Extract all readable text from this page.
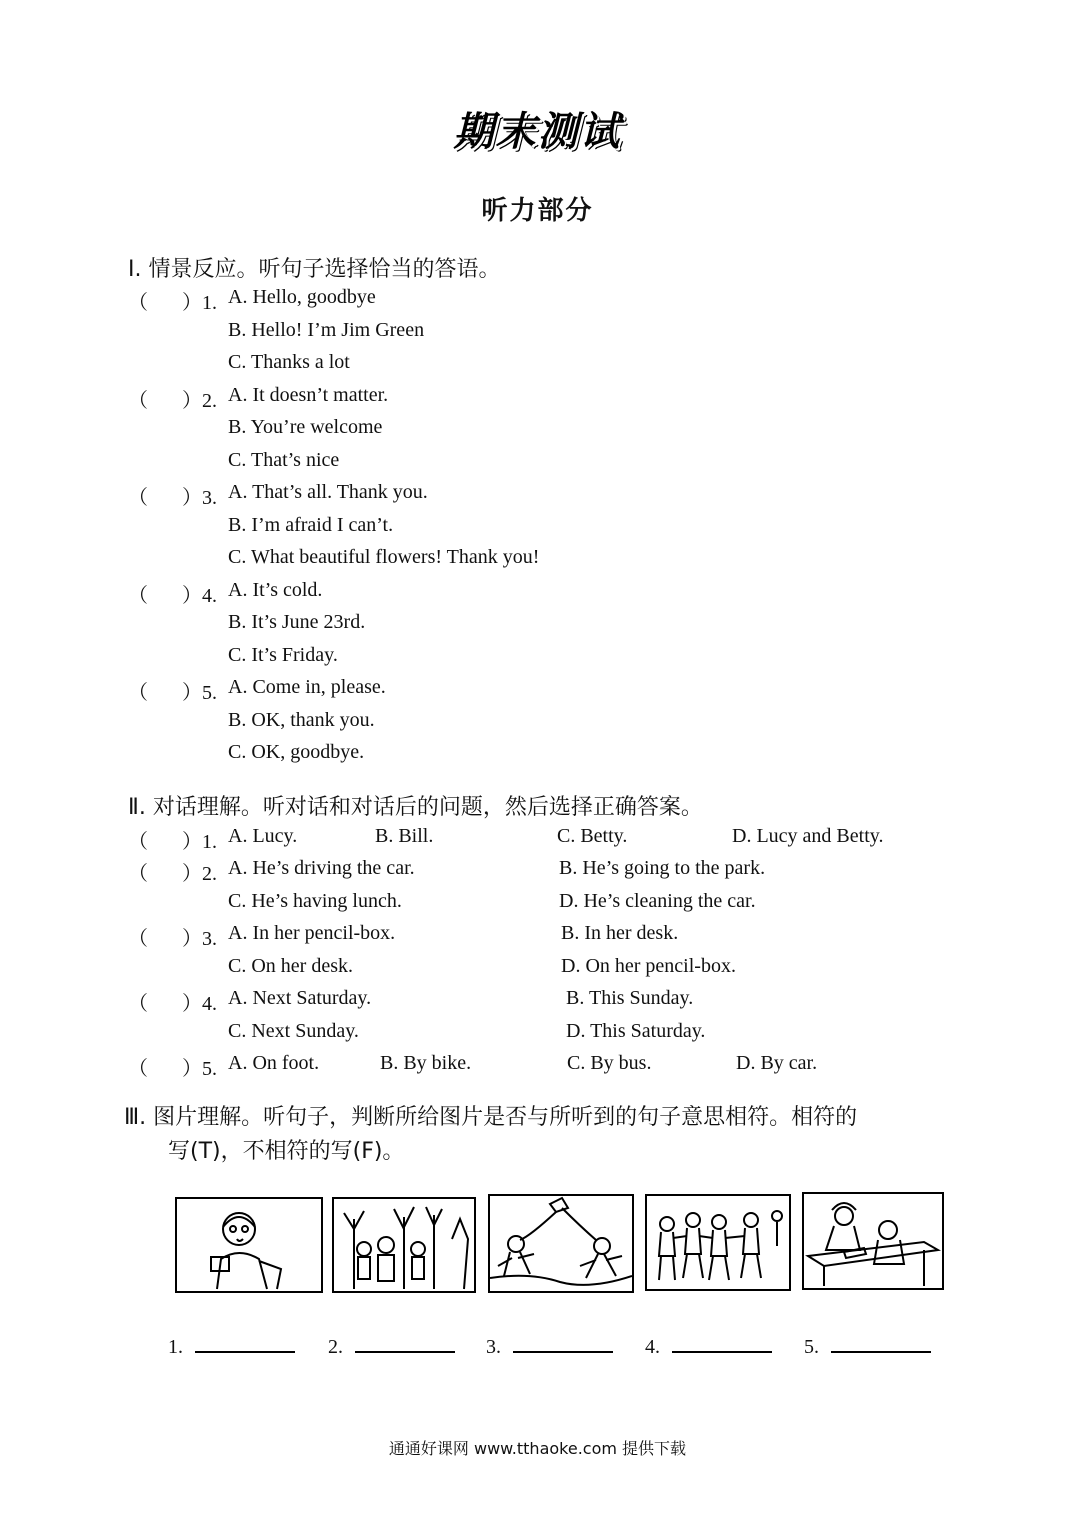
期末测试
听力部分
Ⅰ. 情景反应。听句子选择恰当的答语。
（ ）1. A. Hello, goodbye
B. Hello! I’m Jim Green
C. Thanks a lot
（ ）2. A. It doesn’t matter.
B. You’re welcome
C. That’s nice
（ ）3. A. That’s all. Thank you.
B. I’m afraid I can’t.
C. What beautiful flowers! Thank you!
（ ）4. A. It’s cold.
B. It’s June 23rd.
C. It’s Friday.
（ ）5. A. Come in, please.
B. OK, thank you.
C. OK, goodbye.
Ⅱ. 对话理解。听对话和对话后的问题，然后选择正确答案。
（ ）1. A. Lucy.	B. Bill.	C. Betty.	D. Lucy and Betty.
（ ）2. A. He’s driving the car.	B. He’s going to the park.
C. He’s having lunch.	D. He’s cleaning the car.
（ ）3. A. In her pencil-box.	B. In her desk.
C. On her desk.	D. On her pencil-box.
（ ）4. A. Next Saturday.	B. This Sunday.
C. Next Sunday.	D. This Saturday.
（ ）5. A. On foot.	B. By bike.	C. By bus.	D. By car.
Ⅲ. 图片理解。听句子，判断所给图片是否与所听到的句子意思相符。相符的
写(T)，不相符的写(F)。
1.	2.	3.	4.	5.
通通好课网 www.tthaoke.com 提供下载
